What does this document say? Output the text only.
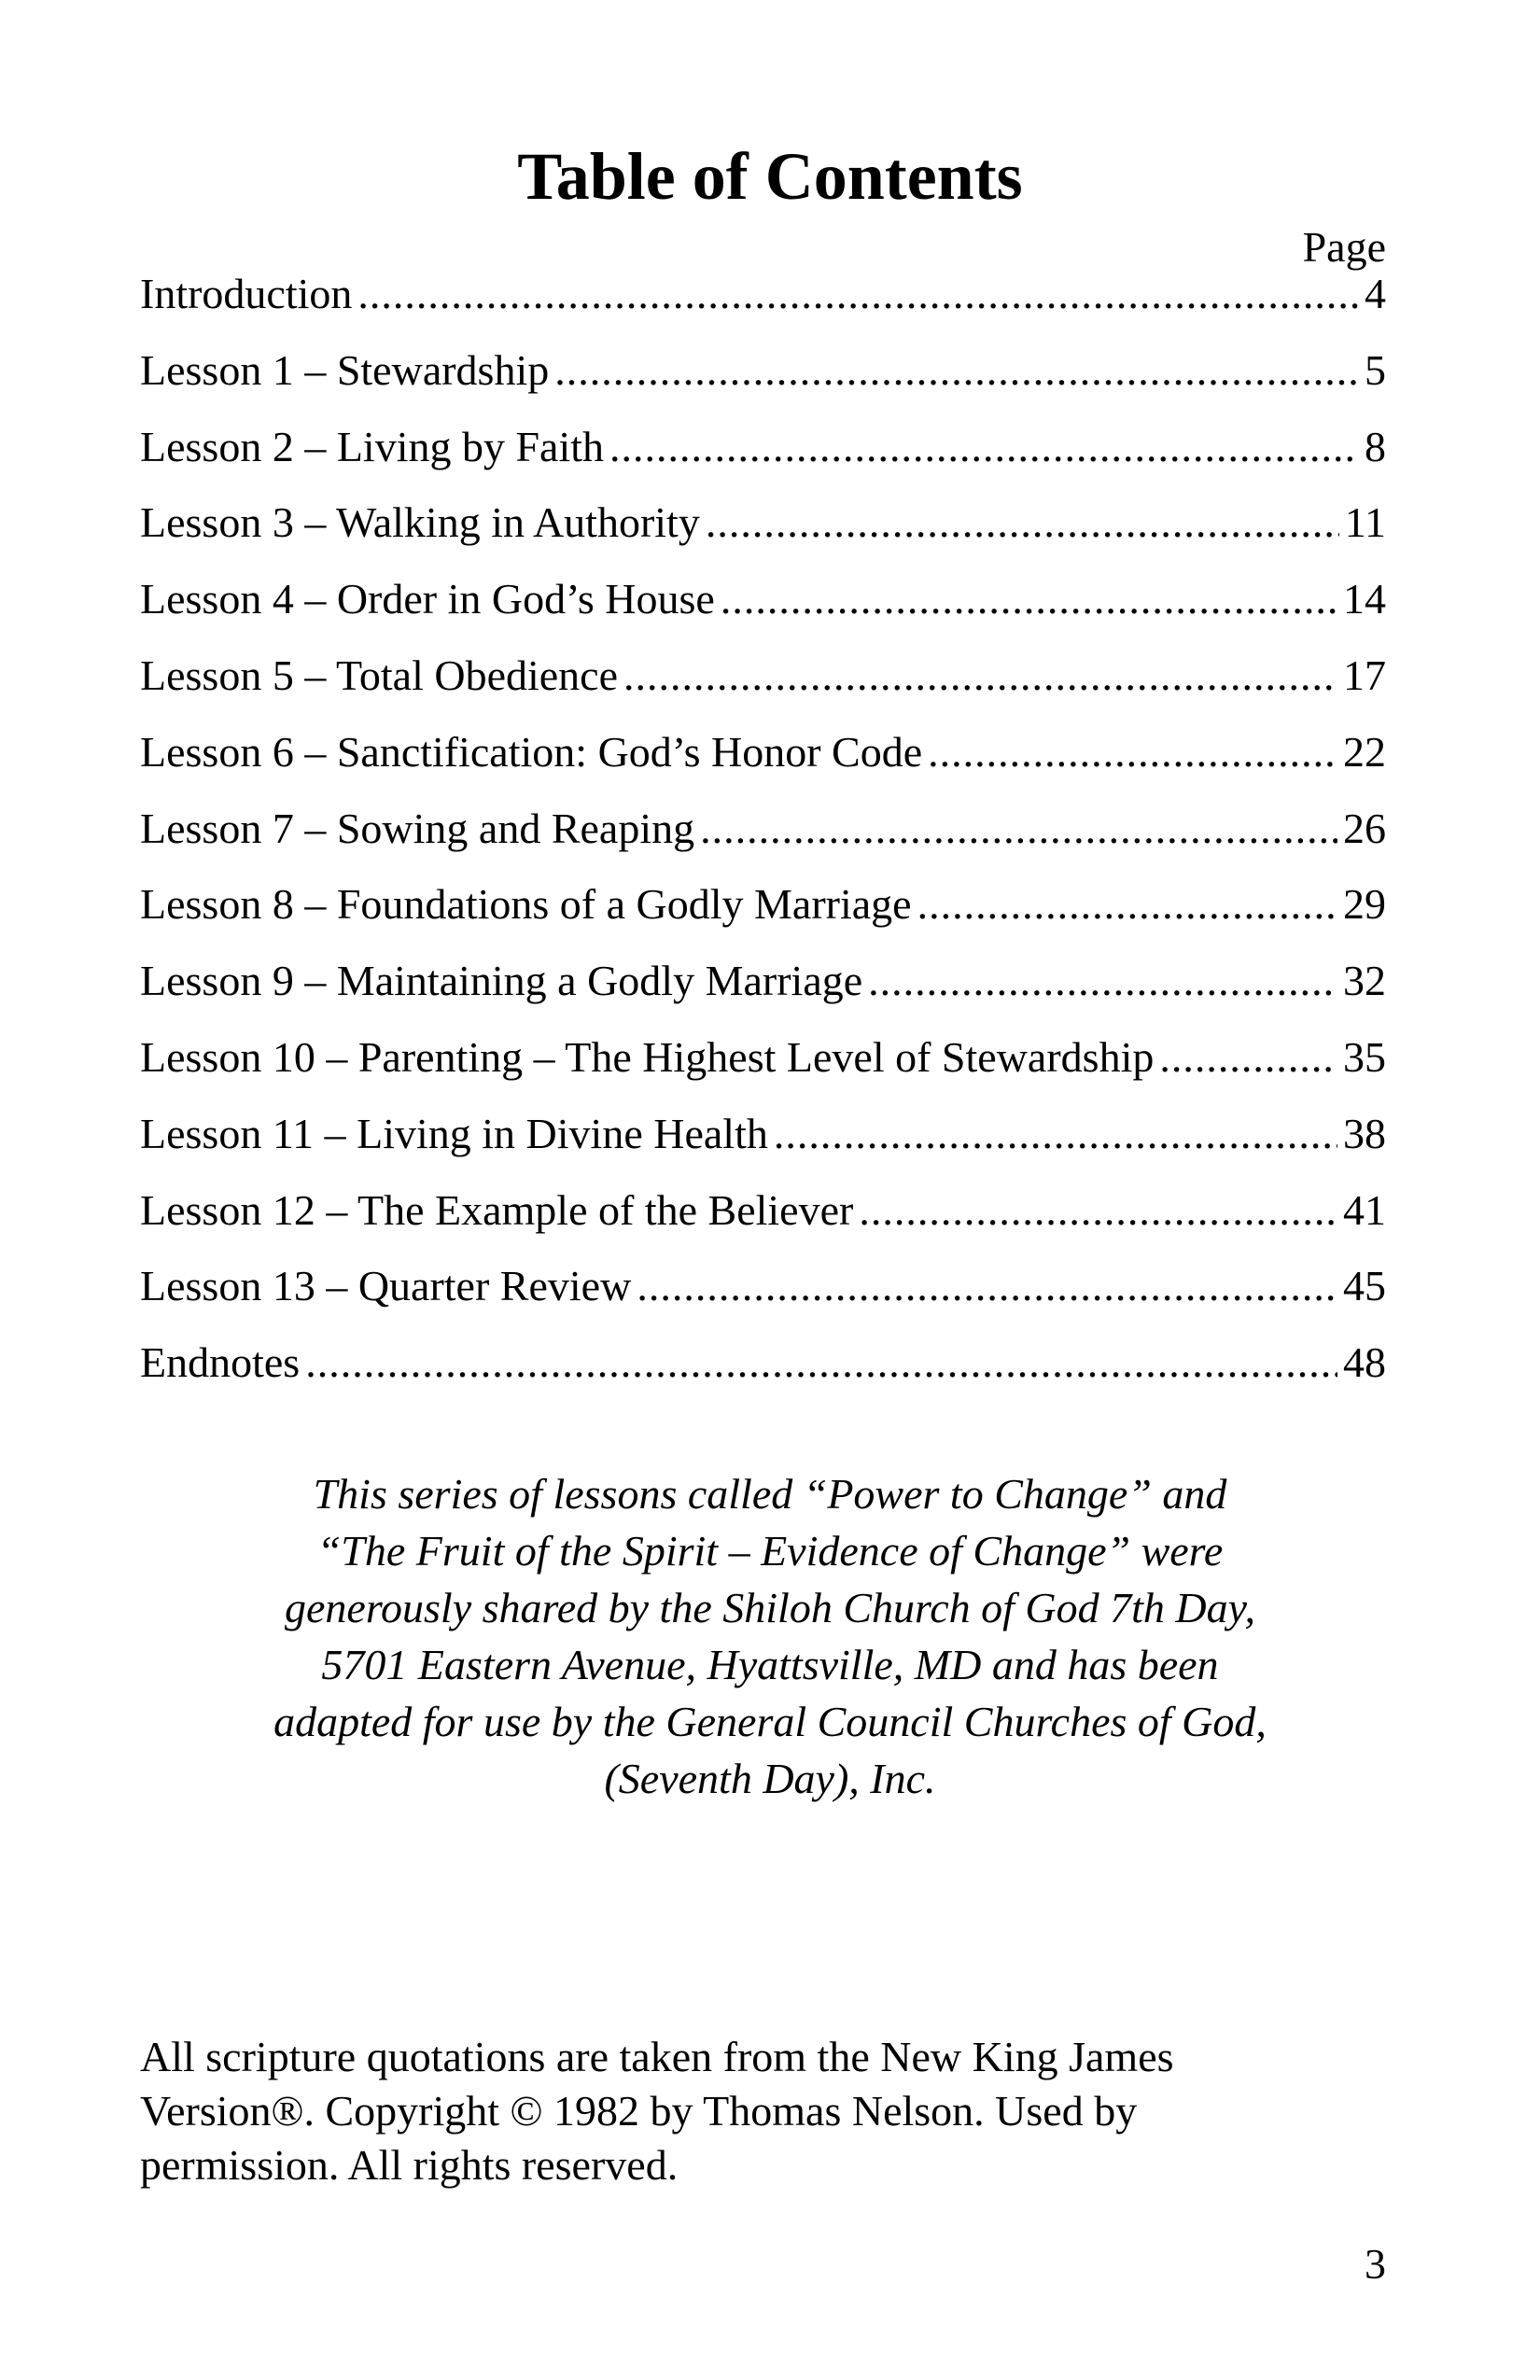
Table of Contents
Page
Introduction .....	4
Lesson 1 – Stewardship .....	5
Lesson 2 – Living by Faith .....	8
Lesson 3 – Walking in Authority .....	11
Lesson 4 – Order in God’s House .....	14
Lesson 5 – Total Obedience .....	17
Lesson 6 – Sanctification: God’s Honor Code .....	22
Lesson 7 – Sowing and Reaping .....	26
Lesson 8 – Foundations of a Godly Marriage .....	29
Lesson 9 – Maintaining a Godly Marriage .....	32
Lesson 10 – Parenting – The Highest Level of Stewardship .....	35
Lesson 11 – Living in Divine Health .....	38
Lesson 12 – The Example of the Believer .....	41
Lesson 13 – Quarter Review .....	45
Endnotes .....	48
This series of lessons called “Power to Change” and
“The Fruit of the Spirit – Evidence of Change” were
generously shared by the Shiloh Church of God 7th Day,
5701 Eastern Avenue, Hyattsville, MD and has been
adapted for use by the General Council Churches of God,
(Seventh Day), Inc.
All scripture quotations are taken from the New King James
Version®. Copyright © 1982 by Thomas Nelson. Used by
permission. All rights reserved.
3
